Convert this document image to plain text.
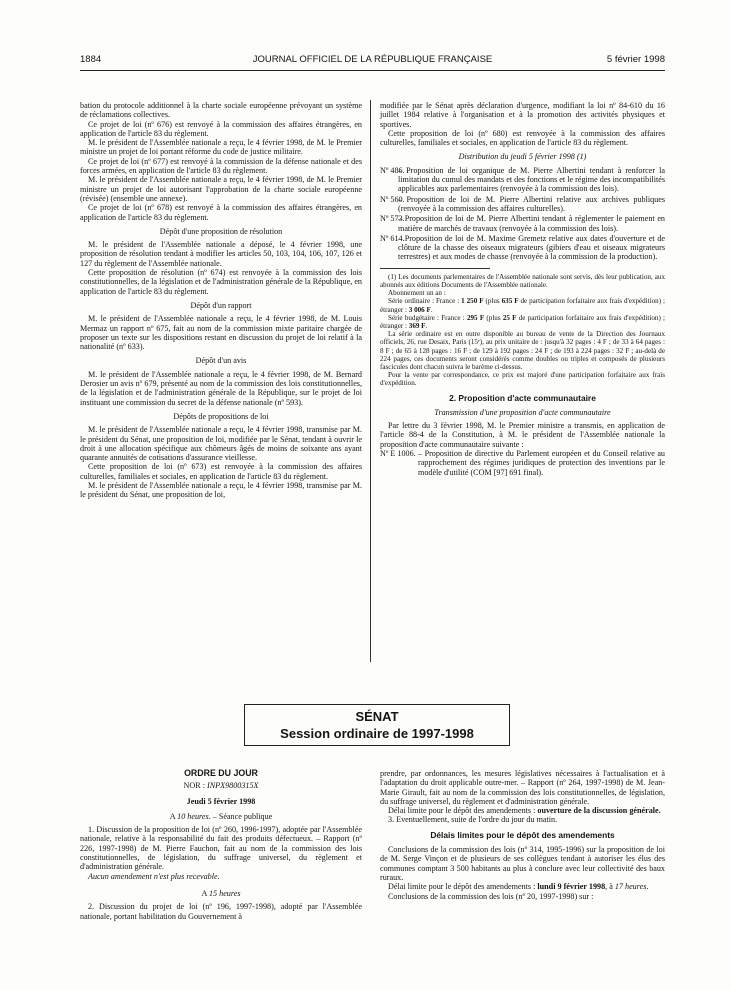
1884	JOURNAL OFFICIEL DE LA RÉPUBLIQUE FRANÇAISE	5 février 1998

bation du protocole additionnel à la charte sociale européenne prévoyant un système de réclamations collectives.

Ce projet de loi (nº 676) est renvoyé à la commission des affaires étrangères, en application de l'article 83 du règlement.

M. le président de l'Assemblée nationale a reçu, le 4 février 1998, de M. le Premier ministre un projet de loi portant réforme du code de justice militaire.

Ce projet de loi (nº 677) est renvoyé à la commission de la défense nationale et des forces armées, en application de l'article 83 du règlement.

M. le président de l'Assemblée nationale a reçu, le 4 février 1998, de M. le Premier ministre un projet de loi autorisant l'approbation de la charte sociale européenne (révisée) (ensemble une annexe).

Ce projet de loi (nº 678) est renvoyé à la commission des affaires étrangères, en application de l'article 83 du règlement.

Dépôt d'une proposition de résolution

M. le président de l'Assemblée nationale a déposé, le 4 février 1998, une proposition de résolution tendant à modifier les articles 50, 103, 104, 106, 107, 126 et 127 du règlement de l'Assemblée nationale.

Cette proposition de résolution (nº 674) est renvoyée à la commission des lois constitutionnelles, de la législation et de l'administration générale de la République, en application de l'article 83 du règlement.

Dépôt d'un rapport

M. le président de l'Assemblée nationale a reçu, le 4 février 1998, de M. Louis Mermaz un rapport nº 675, fait au nom de la commission mixte paritaire chargée de proposer un texte sur les dispositions restant en discussion du projet de loi relatif à la nationalité (nº 633).

Dépôt d'un avis

M. le président de l'Assemblée nationale a reçu, le 4 février 1998, de M. Bernard Derosier un avis nº 679, présenté au nom de la commission des lois constitutionnelles, de la législation et de l'administration générale de la République, sur le projet de loi instituant une commission du secret de la défense nationale (nº 593).

Dépôts de propositions de loi

M. le président de l'Assemblée nationale a reçu, le 4 février 1998, transmise par M. le président du Sénat, une proposition de loi, modifiée par le Sénat, tendant à ouvrir le droit à une allocation spécifique aux chômeurs âgés de moins de soixante ans ayant quarante annuités de cotisations d'assurance vieillesse.

Cette proposition de loi (nº 673) est renvoyée à la commission des affaires culturelles, familiales et sociales, en application de l'article 83 du règlement.

M. le président de l'Assemblée nationale a reçu, le 4 février 1998, transmise par M. le président du Sénat, une proposition de loi,

modifiée par le Sénat après déclaration d'urgence, modifiant la loi nº 84-610 du 16 juillet 1984 relative à l'organisation et à la promotion des activités physiques et sportives.

Cette proposition de loi (nº 680) est renvoyée à la commission des affaires culturelles, familiales et sociales, en application de l'article 83 du règlement.

Distribution du jeudi 5 février 1998 (1)

Nº 486.
– Proposition de loi organique de M. Pierre Albertini tendant à renforcer la limitation du cumul des mandats et des fonctions et le régime des incompatibilités applicables aux parlementaires (renvoyée à la commission des lois).
Nº 560.
– Proposition de loi de M. Pierre Albertini relative aux archives publiques (renvoyée à la commission des affaires culturelles).
Nº 573.
– Proposition de loi de M. Pierre Albertini tendant à réglementer le paiement en matière de marchés de travaux (renvoyée à la commission des lois).
Nº 614.
– Proposition de loi de M. Maxime Gremetz relative aux dates d'ouverture et de clôture de la chasse des oiseaux migrateurs (gibiers d'eau et oiseaux migrateurs terrestres) et aux modes de chasse (renvoyée à la commission de la production).

(1) Les documents parlementaires de l'Assemblée nationale sont servis, dès leur publication, aux abonnés aux éditions Documents de l'Assemblée nationale.

Abonnement un an :

Série ordinaire : France : 1 250 F (plus 635 F de participation forfaitaire aux frais d'expédition) ; étranger : 3 006 F.

Série budgétaire : France : 295 F (plus 25 F de participation forfaitaire aux frais d'expédition) ; étranger : 369 F.

La série ordinaire est en outre disponible au bureau de vente de la Direction des Journaux officiels, 26, rue Desaix, Paris (15ᵉ), au prix unitaire de : jusqu'à 32 pages : 4 F ; de 33 à 64 pages : 8 F ; de 65 à 128 pages : 16 F ; de 129 à 192 pages : 24 F ; de 193 à 224 pages : 32 F ; au-delà de 224 pages, ces documents seront considérés comme doubles ou triples et composés de plusieurs fascicules dont chacun suivra le barème ci-dessus.

Pour la vente par correspondance, ce prix est majoré d'une participation forfaitaire aux frais d'expédition.

2. Proposition d'acte communautaire

Transmission d'une proposition d'acte communautaire

Par lettre du 3 février 1998, M. le Premier ministre a transmis, en application de l'article 88-4 de la Constitution, à M. le président de l'Assemblée nationale la proposition d'acte communautaire suivante :

Nº E 1006. – Proposition de directive du Parlement européen et du Conseil relative au rapprochement des régimes juridiques de protection des inventions par le modèle d'utilité (COM [97] 691 final).
SÉNAT
Session ordinaire de 1997-1998

ORDRE DU JOUR

NOR : INPX9800315X

Jeudi 5 février 1998

A 10 heures. – Séance publique

1. Discussion de la proposition de loi (nº 260, 1996-1997), adoptée par l'Assemblée nationale, relative à la responsabilité du fait des produits défectueux. – Rapport (nº 226, 1997-1998) de M. Pierre Fauchon, fait au nom de la commission des lois constitutionnelles, de législation, du suffrage universel, du règlement et d'administration générale.

Aucun amendement n'est plus recevable.

A 15 heures

2. Discussion du projet de loi (nº 196, 1997-1998), adopté par l'Assemblée nationale, portant habilitation du Gouvernement à

prendre, par ordonnances, les mesures législatives nécessaires à l'actualisation et à l'adaptation du droit applicable outre-mer. – Rapport (nº 264, 1997-1998) de M. Jean-Marie Girault, fait au nom de la commission des lois constitutionnelles, de législation, du suffrage universel, du règlement et d'administration générale.

Délai limite pour le dépôt des amendements : ouverture de la discussion générale.

3. Eventuellement, suite de l'ordre du jour du matin.

Délais limites pour le dépôt des amendements

Conclusions de la commission des lois (nº 314, 1995-1996) sur la proposition de loi de M. Serge Vinçon et de plusieurs de ses collègues tendant à autoriser les élus des communes comptant 3 500 habitants au plus à conclure avec leur collectivité des baux ruraux.

Délai limite pour le dépôt des amendements : lundi 9 février 1998, à 17 heures.

Conclusions de la commission des lois (nº 20, 1997-1998) sur :
